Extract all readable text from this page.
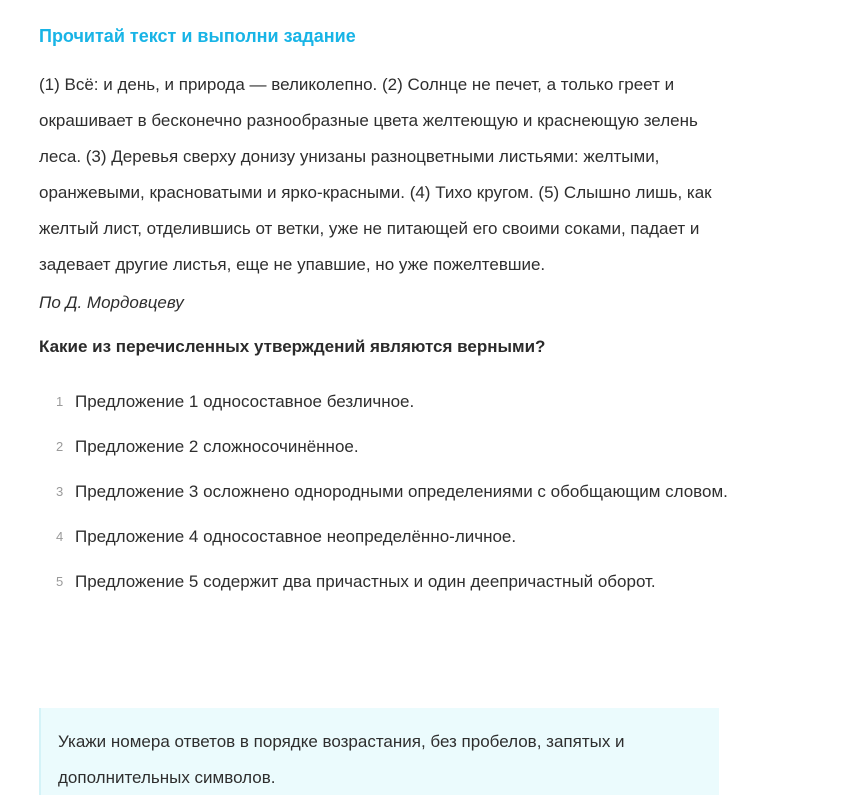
Прочитай текст и выполни задание

(1) Всё: и день, и природа — великолепно. (2) Солнце не печет, а только греет и окрашивает в бесконечно разнообразные цвета желтеющую и краснеющую зелень леса. (3) Деревья сверху донизу унизаны разноцветными листьями: желтыми, оранжевыми, красноватыми и ярко-красными. (4) Тихо кругом. (5) Слышно лишь, как желтый лист, отделившись от ветки, уже не питающей его своими соками, падает и задевает другие листья, еще не упавшие, но уже пожелтевшие.

По Д. Мордовцеву

Какие из перечисленных утверждений являются верными?

1 Предложение 1 односоставное безличное.
2 Предложение 2 сложносочинённое.
3 Предложение 3 осложнено однородными определениями с обобщающим словом.
4 Предложение 4 односоставное неопределённо-личное.
5 Предложение 5 содержит два причастных и один деепричастный оборот.
Укажи номера ответов в порядке возрастания, без пробелов, запятых и дополнительных символов.
